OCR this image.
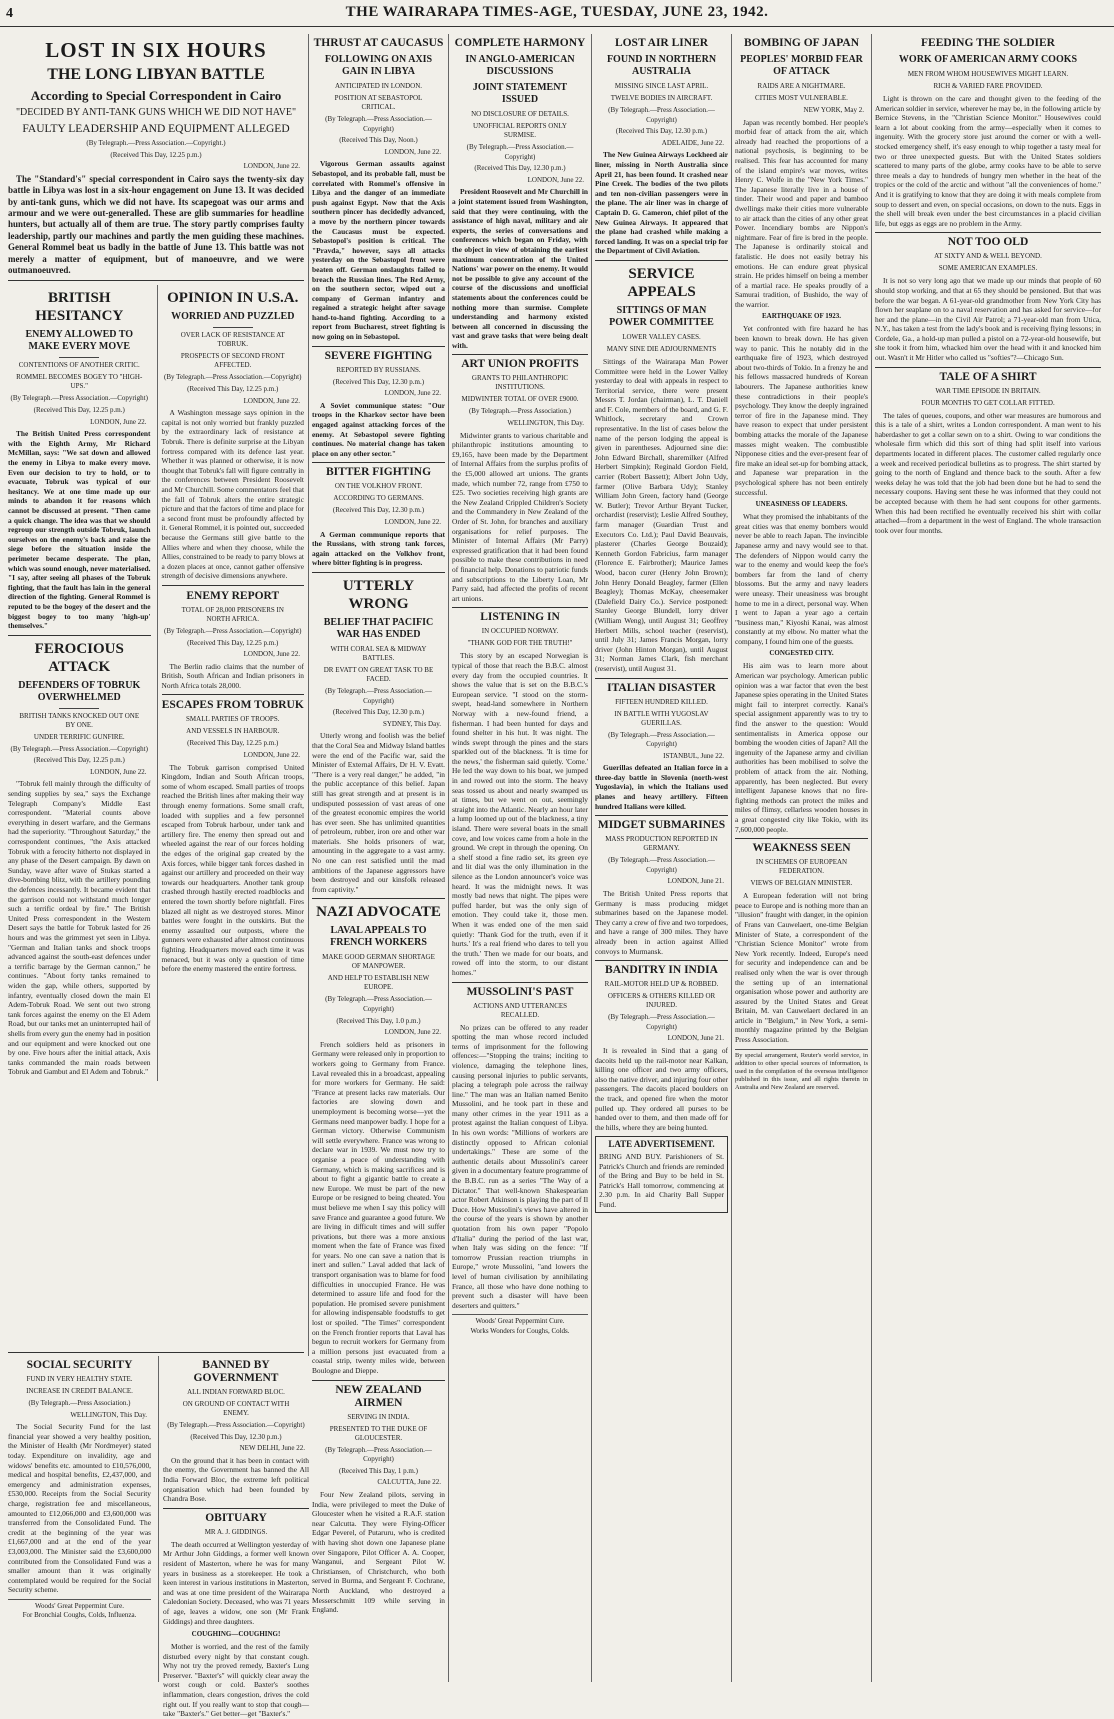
4	THE WAIRARAPA TIMES-AGE, TUESDAY, JUNE 23, 1942.
LOST IN SIX HOURS
THE LONG LIBYAN BATTLE
According to Special Correspondent in Cairo
"DECIDED BY ANTI-TANK GUNS WHICH WE DID NOT HAVE"
FAULTY LEADERSHIP AND EQUIPMENT ALLEGED
(By Telegraph.—Press Association.—Copyright.)
(Received This Day, 12.25 p.m.)
LONDON, June 22.

The "Standard's" special correspondent in Cairo says the twenty-six day battle in Libya was lost in a six-hour engagement on June 13. It was decided by anti-tank guns, which we did not have. Its scapegoat was our arms and armour and we were out-generalled. These are glib summaries for headline hunters, but actually all of them are true. The story partly comprises faulty leadership, partly our machines and partly the men guiding these machines. General Rommel beat us badly in the battle of June 13. This battle was not merely a matter of equipment, but of manoeuvre, and we were outmanoeuvred.

BRITISH HESITANCY
ENEMY ALLOWED TO MAKE EVERY MOVE
CONTENTIONS OF ANOTHER CRITIC.
ROMMEL BECOMES BOGEY TO "HIGH-UPS."
(By Telegraph.—Press Association.—Copyright)
(Received This Day, 12.25 p.m.)
LONDON, June 22.

The British United Press correspondent with the Eighth Army, Mr Richard McMillan, says: "We sat down and allowed the enemy in Libya to make every move. Even our decision to try to hold, or to evacuate, Tobruk was typical of our hesitancy. We at one time made up our minds to abandon it for reasons which cannot be discussed at present. "Then came a quick change. The idea was that we should regroup our strength outside Tobruk, launch ourselves on the enemy's back and raise the siege before the situation inside the perimeter became desperate. The plan, which was sound enough, never materialised. "I say, after seeing all phases of the Tobruk fighting, that the fault has lain in the general direction of the fighting. General Rommel is reputed to be the bogey of the desert and the biggest bogey to too many 'high-up' themselves."

FEROCIOUS ATTACK
DEFENDERS OF TOBRUK OVERWHELMED
BRITISH TANKS KNOCKED OUT ONE BY ONE.
UNDER TERRIFIC GUNFIRE.
(By Telegraph.—Press Association.—Copyright)
(Received This Day, 12.25 p.m.)
LONDON, June 22.

"Tobruk fell mainly through the difficulty of sending supplies by sea," says the Exchange Telegraph Company's Middle East correspondent. "Material counts above everything in desert warfare, and the Germans had the superiority. "Throughout Saturday," the correspondent continues, "the Axis attacked Tobruk with a ferocity hitherto not displayed in any phase of the Desert campaign. By dawn on Sunday, wave after wave of Stukas started a dive-bombing blitz, with the artillery pounding the defences incessantly. It became evident that the garrison could not withstand much longer such a terrific ordeal by fire." The British United Press correspondent in the Western Desert says the battle for Tobruk lasted for 26 hours and was the grimmest yet seen in Libya. "German and Italian tanks and shock troops advanced against the south-east defences under a terrific barrage by the German cannon," he continues. "About forty tanks remained to widen the gap, while others, supported by infantry, eventually closed down the main El Adem-Tobruk Road. We sent out two strong tank forces against the enemy on the El Adem Road, but our tanks met an uninterrupted hail of shells from every gun the enemy had in position and our equipment and were knocked out one by one. Five hours after the initial attack, Axis tanks commanded the main roads between Tobruk and Gambut and El Adem and Tobruk."

OPINION IN U.S.A.
WORRIED AND PUZZLED
OVER LACK OF RESISTANCE AT TOBRUK.
PROSPECTS OF SECOND FRONT AFFECTED.
(By Telegraph.—Press Association.—Copyright)
(Received This Day, 12.25 p.m.)
LONDON, June 22.

A Washington message says opinion in the capital is not only worried but frankly puzzled by the extraordinary lack of resistance at Tobruk. There is definite surprise at the Libyan fortress compared with its defence last year. Whether it was planned or otherwise, it is now thought that Tobruk's fall will figure centrally in the conferences between President Roosevelt and Mr Churchill. Some commentators feel that the fall of Tobruk alters the entire strategic picture and that the factors of time and place for a second front must be profoundly affected by it. General Rommel, it is pointed out, succeeded because the Germans still give battle to the Allies where and when they choose, while the Allies, constrained to be ready to parry blows at a dozen places at once, cannot gather offensive strength of decisive dimensions anywhere.

ENEMY REPORT
TOTAL OF 28,000 PRISONERS IN NORTH AFRICA.
(By Telegraph.—Press Association.—Copyright)
(Received This Day, 12.25 p.m.)
LONDON, June 22.

The Berlin radio claims that the number of British, South African and Indian prisoners in North Africa totals 28,000.

ESCAPES FROM TOBRUK
SMALL PARTIES OF TROOPS.
AND VESSELS IN HARBOUR.
(Received This Day, 12.25 p.m.)
LONDON, June 22.

The Tobruk garrison comprised United Kingdom, Indian and South African troops, some of whom escaped. Small parties of troops reached the British lines after making their way through enemy formations. Some small craft, loaded with supplies and a few personnel escaped from Tobruk harbour, under tank and artillery fire. The enemy then spread out and wheeled against the rear of our forces holding the edges of the original gap created by the Axis forces, while bigger tank forces dashed in against our artillery and proceeded on their way towards our headquarters. Another tank group crashed through hastily erected roadblocks and entered the town shortly before nightfall. Fires blazed all night as we destroyed stores. Minor battles were fought in the outskirts. But the enemy assaulted our outposts, where the gunners were exhausted after almost continuous fighting. Headquarters moved each time it was menaced, but it was only a question of time before the enemy mastered the entire fortress.

SOCIAL SECURITY
FUND IN VERY HEALTHY STATE.
INCREASE IN CREDIT BALANCE.
(By Telegraph.—Press Association.)
WELLINGTON, This Day.

The Social Security Fund for the last financial year showed a very healthy position, the Minister of Health (Mr Nordmeyer) stated today. Expenditure on invalidity, age and widows' benefits etc. amounted to £10,576,000, medical and hospital benefits, £2,437,000, and emergency and administration expenses, £530,000. Receipts from the Social Security charge, registration fee and miscellaneous, amounted to £12,066,000 and £3,600,000 was transferred from the Consolidated Fund. The credit at the beginning of the year was £1,667,000 and at the end of the year £3,003,000. The Minister said the £3,600,000 contributed from the Consolidated Fund was a smaller amount than it was originally contemplated would be required for the Social Security scheme.

Woods' Great Peppermint Cure.
For Bronchial Coughs, Colds, Influenza.
BANNED BY GOVERNMENT
ALL INDIAN FORWARD BLOC.
ON GROUND OF CONTACT WITH ENEMY.
(By Telegraph.—Press Association.—Copyright)
(Received This Day, 12.30 p.m.)
NEW DELHI, June 22.

On the ground that it has been in contact with the enemy, the Government has banned the All India Forward Bloc, the extreme left political organisation which had been founded by Chandra Bose.

OBITUARY
MR A. J. GIDDINGS.

The death occurred at Wellington yesterday of Mr Arthur John Giddings, a former well known resident of Masterton, where he was for many years in business as a storekeeper. He took a keen interest in various institutions in Masterton, and was at one time president of the Wairarapa Caledonian Society. Deceased, who was 71 years of age, leaves a widow, one son (Mr Frank Giddings) and three daughters.

COUGHING—COUGHING!

Mother is worried, and the rest of the family disturbed every night by that constant cough. Why not try the proved remedy, Baxter's Lung Preserver. "Baxter's" will quickly clear away the worst cough or cold. Baxter's soothes inflammation, clears congestion, drives the cold right out. If you really want to stop that cough—take "Baxter's." Get better—get "Baxter's."

THRUST AT CAUCASUS
FOLLOWING ON AXIS GAIN IN LIBYA
ANTICIPATED IN LONDON.
POSITION AT SEBASTOPOL CRITICAL.
(By Telegraph.—Press Association.—Copyright)
(Received This Day, Noon.)
LONDON, June 22.

Vigorous German assaults against Sebastopol, and its probable fall, must be correlated with Rommel's offensive in Libya and the danger of an immediate push against Egypt. Now that the Axis southern pincer has decidedly advanced, a move by the northern pincer towards the Caucasus must be expected. Sebastopol's position is critical. The "Pravda," however, says all attacks yesterday on the Sebastopol front were beaten off. German onslaughts failed to breach the Russian lines. The Red Army, on the southern sector, wiped out a company of German infantry and regained a strategic height after savage hand-to-hand fighting. According to a report from Bucharest, street fighting is now going on in Sebastopol.

SEVERE FIGHTING
REPORTED BY RUSSIANS.
(Received This Day, 12.30 p.m.)
LONDON, June 22.

A Soviet communique states: "Our troops in the Kharkov sector have been engaged against attacking forces of the enemy. At Sebastopol severe fighting continues. No material change has taken place on any other sector."

BITTER FIGHTING
ON THE VOLKHOV FRONT.
ACCORDING TO GERMANS.
(Received This Day, 12.30 p.m.)
LONDON, June 22.

A German communique reports that the Russians, with strong tank forces, again attacked on the Volkhov front, where bitter fighting is in progress.

UTTERLY WRONG
BELIEF THAT PACIFIC WAR HAS ENDED
WITH CORAL SEA & MIDWAY BATTLES.
DR EVATT ON GREAT TASK TO BE FACED.
(By Telegraph.—Press Association.—Copyright)
(Received This Day, 12.30 p.m.)
SYDNEY, This Day.

Utterly wrong and foolish was the belief that the Coral Sea and Midway Island battles were the end of the Pacific war, said the Minister of External Affairs, Dr H. V. Evatt. "There is a very real danger," he added, "in the public acceptance of this belief. Japan still has great strength and at present is in undisputed possession of vast areas of one of the greatest economic empires the world has ever seen. She has unlimited quantities of petroleum, rubber, iron ore and other war materials. She holds prisoners of war, amounting in the aggregate to a vast army. No one can rest satisfied until the mad ambitions of the Japanese aggressors have been destroyed and our kinsfolk released from captivity."

NAZI ADVOCATE
LAVAL APPEALS TO FRENCH WORKERS
MAKE GOOD GERMAN SHORTAGE OF MANPOWER.
AND HELP TO ESTABLISH NEW EUROPE.
(By Telegraph.—Press Association.—Copyright)
(Received This Day, 1.0 p.m.)
LONDON, June 22.

French soldiers held as prisoners in Germany were released only in proportion to workers going to Germany from France. Laval revealed this in a broadcast, appealing for more workers for Germany. He said: "France at present lacks raw materials. Our factories are slowing down and unemployment is becoming worse—yet the Germans need manpower badly. I hope for a German victory. Otherwise Communism will settle everywhere. France was wrong to declare war in 1939. We must now try to organise a peace of understanding with Germany, which is making sacrifices and is about to fight a gigantic battle to create a new Europe. We must be part of the new Europe or be resigned to being cheated. You must believe me when I say this policy will save France and guarantee a good future. We are living in difficult times and will suffer privations, but there was a more anxious moment when the fate of France was fixed for years. No one can save a nation that is inert and sullen." Laval added that lack of transport organisation was to blame for food difficulties in unoccupied France. He was determined to assure life and food for the population. He promised severe punishment for allowing indispensable foodstuffs to get lost or spoiled. "The Times" correspondent on the French frontier reports that Laval has begun to recruit workers for Germany from a million persons just evacuated from a coastal strip, twenty miles wide, between Boulogne and Dieppe.

NEW ZEALAND AIRMEN
SERVING IN INDIA.
PRESENTED TO THE DUKE OF GLOUCESTER.
(By Telegraph.—Press Association.—Copyright)
(Received This Day, 1 p.m.)
CALCUTTA, June 22.

Four New Zealand pilots, serving in India, were privileged to meet the Duke of Gloucester when he visited a R.A.F. station near Calcutta. They were Flying-Officer Edgar Peverel, of Putaruru, who is credited with having shot down one Japanese plane over Singapore, Pilot Officer A. A. Cooper, Wanganui, and Sergeant Pilot W. Christiansen, of Christchurch, who both served in Burma, and Sergeant F. Cochrane, North Auckland, who destroyed a Messerschmitt 109 while serving in England.

COMPLETE HARMONY
IN ANGLO-AMERICAN DISCUSSIONS
JOINT STATEMENT ISSUED
NO DISCLOSURE OF DETAILS.
UNOFFICIAL REPORTS ONLY SURMISE.
(By Telegraph.—Press Association.—Copyright)
(Received This Day, 12.30 p.m.)
LONDON, June 22.

President Roosevelt and Mr Churchill in a joint statement issued from Washington, said that they were continuing, with the assistance of high naval, military and air experts, the series of conversations and conferences which began on Friday, with the object in view of obtaining the earliest maximum concentration of the United Nations' war power on the enemy. It would not be possible to give any account of the course of the discussions and unofficial statements about the conferences could be nothing more than surmise. Complete understanding and harmony existed between all concerned in discussing the vast and grave tasks that were being dealt with.

ART UNION PROFITS
GRANTS TO PHILANTHROPIC INSTITUTIONS.
MIDWINTER TOTAL OF OVER £9000.
(By Telegraph.—Press Association.)
WELLINGTON, This Day.

Midwinter grants to various charitable and philanthropic institutions amounting to £9,165, have been made by the Department of Internal Affairs from the surplus profits of the £5,000 allowed art unions. The grants made, which number 72, range from £750 to £25. Two societies receiving high grants are the New Zealand Crippled Children's Society and the Commandery in New Zealand of the Order of St. John, for branches and auxiliary organisations for relief purposes. The Minister of Internal Affairs (Mr Parry) expressed gratification that it had been found possible to make these contributions in need of financial help. Donations to patriotic funds and subscriptions to the Liberty Loan, Mr Parry said, had affected the profits of recent art unions.

LISTENING IN
IN OCCUPIED NORWAY.
"THANK GOD FOR THE TRUTH!"

This story by an escaped Norwegian is typical of those that reach the B.B.C. almost every day from the occupied countries. It shows the value that is set on the B.B.C.'s European service. "I stood on the storm-swept, head-land somewhere in Northern Norway with a new-found friend, a fisherman. I had been hunted for days and found shelter in his hut. It was night. The winds swept through the pines and the stars sparkled out of the blackness. 'It is time for the news,' the fisherman said quietly. 'Come.' He led the way down to his boat, we jumped in and rowed out into the storm. The heavy seas tossed us about and nearly swamped us at times, but we went on out, seemingly straight into the Atlantic. Nearly an hour later a lump loomed up out of the blackness, a tiny island. There were several boats in the small cove, and low voices came from a hole in the ground. We crept in through the opening. On a shelf stood a fine radio set, its green eye and lit dial was the only illumination in the silence as the London announcer's voice was heard. It was the midnight news. It was mostly bad news that night. The pipes were puffed harder, but was the only sign of emotion. They could take it, those men. When it was ended one of the men said quietly: 'Thank God for the truth, even if it hurts.' It's a real friend who dares to tell you the truth.' Then we made for our boats, and rowed off into the storm, to our distant homes."

MUSSOLINI'S PAST
ACTIONS AND UTTERANCES RECALLED.

No prizes can be offered to any reader spotting the man whose record included terms of imprisonment for the following offences:—"Stopping the trains; inciting to violence, damaging the telephone lines, causing personal injuries to public servants, placing a telegraph pole across the railway line." The man was an Italian named Benito Mussolini, and he took part in these and many other crimes in the year 1911 as a protest against the Italian conquest of Libya. In his own words: "Millions of workers are distinctly opposed to African colonial undertakings." These are some of the authentic details about Mussolini's career given in a documentary feature programme of the B.B.C. run as a series "The Way of a Dictator." That well-known Shakespearian actor Robert Atkinson is playing the part of Il Duce. How Mussolini's views have altered in the course of the years is shown by another quotation from his own paper "Popolo d'Italia" during the period of the last war, when Italy was siding on the fence: "If tomorrow Prussian reaction triumphs in Europe," wrote Mussolini, "and lowers the level of human civilisation by annihilating France, all those who have done nothing to prevent such a disaster will have been deserters and quitters."

Woods' Great Peppermint Cure.
Works Wonders for Coughs, Colds.
LOST AIR LINER
FOUND IN NORTHERN AUSTRALIA
MISSING SINCE LAST APRIL.
TWELVE BODIES IN AIRCRAFT.
(By Telegraph.—Press Association.—Copyright)
(Received This Day, 12.30 p.m.)
ADELAIDE, June 22.

The New Guinea Airways Lockheed air liner, missing in North Australia since April 21, has been found. It crashed near Pine Creek. The bodies of the two pilots and ten non-civilian passengers were in the plane. The air liner was in charge of Captain D. G. Cameron, chief pilot of the New Guinea Airways. It appeared that the plane had crashed while making a forced landing. It was on a special trip for the Department of Civil Aviation.

SERVICE APPEALS
SITTINGS OF MAN POWER COMMITTEE
LOWER VALLEY CASES.
MANY SINE DIE ADJOURNMENTS

Sittings of the Wairarapa Man Power Committee were held in the Lower Valley yesterday to deal with appeals in respect to Territorial service, there were present Messrs T. Jordan (chairman), L. T. Daniell and F. Cole, members of the board, and G. F. Whitlock, secretary and Crown representative. In the list of cases below the name of the person lodging the appeal is given in parentheses. Adjourned sine die: John Edward Birchall, sharemilker (Alfred Herbert Simpkin); Reginald Gordon Field, carrier (Robert Bassett); Albert John Udy, farmer (Olive Barbara Udy); Stanley William John Green, factory hand (George W. Butler); Trevor Arthur Bryant Tucker, orchardist (reservist); Leslie Alfred Southey, farm manager (Guardian Trust and Executors Co. Ltd.); Paul David Beauvais, plasterer (Charles George Bouzaid); Kenneth Gordon Fabricius, farm manager (Florence E. Fairbrother); Maurice James Wood, bacon curer (Henry John Brown); John Henry Donald Beagley, farmer (Ellen Beagley); Thomas McKay, cheesemaker (Dalefield Dairy Co.). Service postponed: Stanley George Blundell, lorry driver (William Weng), until August 31; Geoffrey Herbert Mills, school teacher (reservist), until July 31; James Francis Morgan, lorry driver (John Hinton Morgan), until August 31; Norman James Clark, fish merchant (reservist), until August 31.

ITALIAN DISASTER
FIFTEEN HUNDRED KILLED.
IN BATTLE WITH YUGOSLAV GUERILLAS.
(By Telegraph.—Press Association.—Copyright)
ISTANBUL, June 22.

Guerillas defeated an Italian force in a three-day battle in Slovenia (north-west Yugoslavia), in which the Italians used planes and heavy artillery. Fifteen hundred Italians were killed.

MIDGET SUBMARINES
MASS PRODUCTION REPORTED IN GERMANY.
(By Telegraph.—Press Association.—Copyright)
LONDON, June 21.

The British United Press reports that Germany is mass producing midget submarines based on the Japanese model. They carry a crew of five and two torpedoes, and have a range of 300 miles. They have already been in action against Allied convoys to Murmansk.

BANDITRY IN INDIA
RAIL-MOTOR HELD UP & ROBBED.
OFFICERS & OTHERS KILLED OR INJURED.
(By Telegraph.—Press Association.—Copyright)
LONDON, June 21.

It is revealed in Sind that a gang of dacoits held up the rail-motor near Kalkan, killing one officer and two army officers, also the native driver, and injuring four other passengers. The dacoits placed boulders on the track, and opened fire when the motor pulled up. They ordered all purses to be handed over to them, and then made off for the hills, where they are being hunted.

LATE ADVERTISEMENT.
BRING AND BUY. Parishioners of St. Patrick's Church and friends are reminded of the Bring and Buy to be held in St. Patrick's Hall tomorrow, commencing at 2.30 p.m. In aid Charity Ball Supper Fund.
BOMBING OF JAPAN
PEOPLES' MORBID FEAR OF ATTACK
RAIDS ARE A NIGHTMARE.
CITIES MOST VULNERABLE.
NEW YORK, May 2.

Japan was recently bombed. Her people's morbid fear of attack from the air, which already had reached the proportions of a national psychosis, is beginning to be realised. This fear has accounted for many of the island empire's war moves, writes Henry C. Wolfe in the "New York Times." The Japanese literally live in a house of tinder. Their wood and paper and bamboo dwellings make their cities more vulnerable to air attack than the cities of any other great Power. Incendiary bombs are Nippon's nightmare. Fear of fire is bred in the people. The Japanese is ordinarily stoical and fatalistic. He does not easily betray his emotions. He can endure great physical strain. He prides himself on being a member of a martial race. He speaks proudly of a Samurai tradition, of Bushido, the way of the warrior.

EARTHQUAKE OF 1923.

Yet confronted with fire hazard he has been known to break down. He has given way to panic. This he notably did in the earthquake fire of 1923, which destroyed about two-thirds of Tokio. In a frenzy he and his fellows massacred hundreds of Korean labourers. The Japanese authorities knew these contradictions in their people's psychology. They know the deeply ingrained terror of fire in the Japanese mind. They have reason to expect that under persistent bombing attacks the morale of the Japanese masses might weaken. The combustible Nipponese cities and the ever-present fear of fire make an ideal set-up for bombing attack, and Japanese war preparation in the psychological sphere has not been entirely successful.

UNEASINESS OF LEADERS.

What they promised the inhabitants of the great cities was that enemy bombers would never be able to reach Japan. The invincible Japanese army and navy would see to that. The defenders of Nippon would carry the war to the enemy and would keep the foe's bombers far from the land of cherry blossoms. But the army and navy leaders were uneasy. Their uneasiness was brought home to me in a direct, personal way. When I went to Japan a year ago a certain "business man," Kiyoshi Kanai, was almost constantly at my elbow. No matter what the company, I found him one of the guests.

CONGESTED CITY.

His aim was to learn more about American war psychology. American public opinion was a war factor that even the best Japanese spies operating in the United States might fail to interpret correctly. Kanai's special assignment apparently was to try to find the answer to the question: Would sentimentalists in America oppose our bombing the wooden cities of Japan? All the ingenuity of the Japanese army and civilian authorities has been mobilised to solve the problem of attack from the air. Nothing, apparently, has been neglected. But every intelligent Japanese knows that no fire-fighting methods can protect the miles and miles of flimsy, cellarless wooden houses in a great congested city like Tokio, with its 7,600,000 people.

WEAKNESS SEEN
IN SCHEMES OF EUROPEAN FEDERATION.
VIEWS OF BELGIAN MINISTER.

A European federation will not bring peace to Europe and is nothing more than an "illusion" fraught with danger, in the opinion of Frans van Cauwelaert, one-time Belgian Minister of State, a correspondent of the "Christian Science Monitor" wrote from New York recently. Indeed, Europe's need for security and independence can and be realised only when the war is over through the setting up of an international organisation whose power and authority are assured by the United States and Great Britain, M. van Cauwelaert declared in an article in "Belgium," in New York, a semi-monthly magazine printed by the Belgian Press Association.

By special arrangement, Reuter's world service, in addition to other special sources of information, is used in the compilation of the overseas intelligence published in this issue, and all rights therein in Australia and New Zealand are reserved.
FEEDING THE SOLDIER
WORK OF AMERICAN ARMY COOKS
MEN FROM WHOM HOUSEWIVES MIGHT LEARN.
RICH & VARIED FARE PROVIDED.

Light is thrown on the care and thought given to the feeding of the American soldier in service, wherever he may be, in the following article by Bernice Stevens, in the "Christian Science Monitor." Housewives could learn a lot about cooking from the army—especially when it comes to ingenuity. With the grocery store just around the corner or with a well-stocked emergency shelf, it's easy enough to whip together a tasty meal for two or three unexpected guests. But with the United States soldiers scattered to many parts of the globe, army cooks have to be able to serve three meals a day to hundreds of hungry men whether in the heat of the tropics or the cold of the arctic and without "all the conveniences of home." And it is gratifying to know that they are doing it with meals complete from soup to dessert and even, on special occasions, on down to the nuts. Eggs in the shell will break even under the best circumstances in a placid civilian life, but eggs as eggs are no problem in the Army.

NOT TOO OLD
AT SIXTY AND & WELL BEYOND.
SOME AMERICAN EXAMPLES.

It is not so very long ago that we made up our minds that people of 60 should stop working, and that at 65 they should be pensioned. But that was before the war began. A 61-year-old grandmother from New York City has flown her seaplane on to a naval reservation and has asked for service—for her and the plane—in the Civil Air Patrol; a 71-year-old man from Utica, N.Y., has taken a test from the lady's book and is receiving flying lessons; in Cordele, Ga., a hold-up man pulled a pistol on a 72-year-old housewife, but she took it from him, whacked him over the head with it and knocked him out. Wasn't it Mr Hitler who called us "softies"?—Chicago Sun.

TALE OF A SHIRT
WAR TIME EPISODE IN BRITAIN.
FOUR MONTHS TO GET COLLAR FITTED.

The tales of queues, coupons, and other war measures are humorous and this is a tale of a shirt, writes a London correspondent. A man went to his haberdasher to get a collar sewn on to a shirt. Owing to war conditions the wholesale firm which did this sort of thing had split itself into various departments located in different places. The customer called regularly once a week and received periodical bulletins as to progress. The shirt started by going to the north of England and thence back to the south. After a few weeks delay he was told that the job had been done but he had to send the necessary coupons. Having sent these he was informed that they could not be accepted because with them he had sent coupons for other garments. When this had been rectified he eventually received his shirt with collar attached—from a department in the west of England. The whole transaction took over four months.
